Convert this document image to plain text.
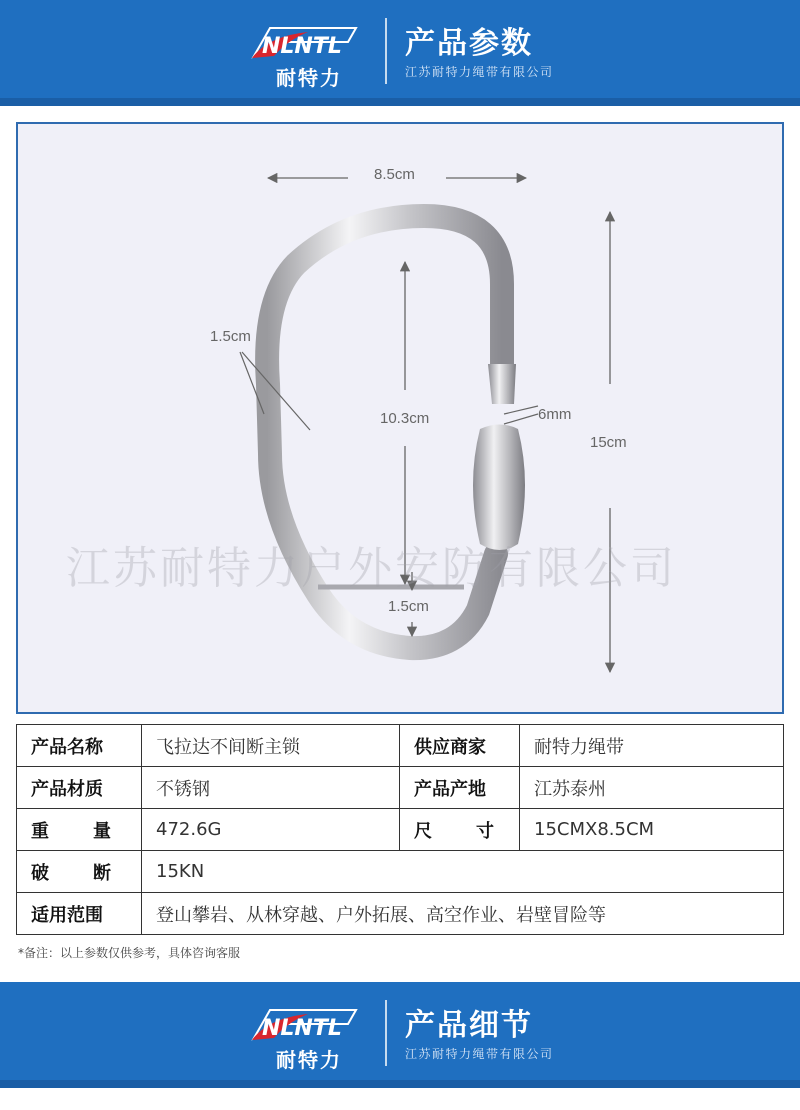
NLNTL
耐特力
产品参数
江苏耐特力绳带有限公司
江苏耐特力户外安防有限公司
8.5cm
15cm
10.3cm	6mm
1.5cm
1.5cm
产品名称	飞拉达不间断主锁	供应商家	耐特力绳带
产品材质	不锈钢	产品产地	江苏泰州

重 量	472.6G	尺 寸	15CMX8.5CM

破 断	15KN		
适用范围	登山攀岩、从林穿越、户外拓展、高空作业、岩壁冒险等		
*备注：以上参数仅供参考，具体咨询客服
NLNTL
耐特力
产品细节
江苏耐特力绳带有限公司
